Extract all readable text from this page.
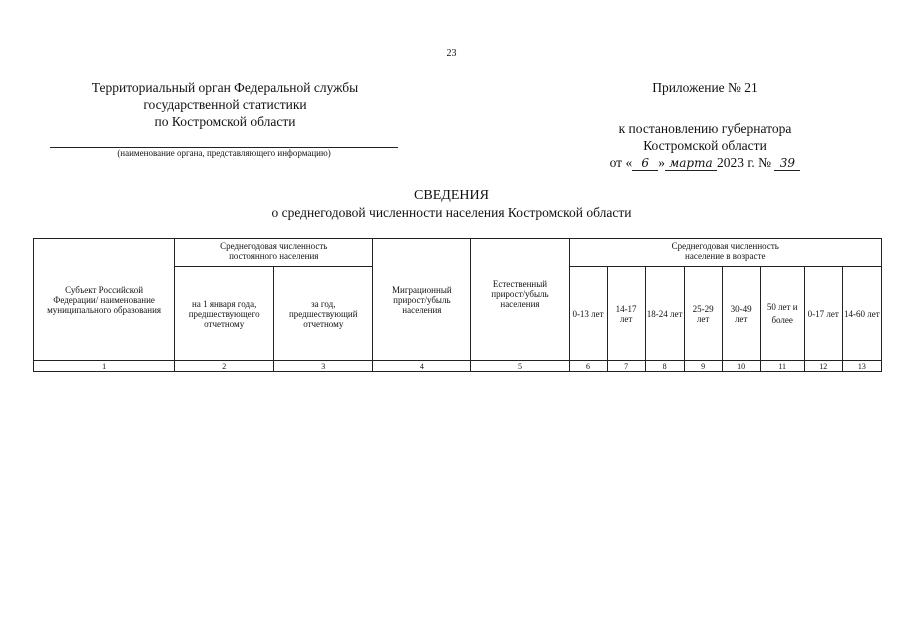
23
Территориальный орган Федеральной службы
государственной статистики
по Костромской области
(наименование органа, представляющего информацию)
Приложение № 21
к постановлению губернатора
Костромской области
от « 6 » марта 2023 г. № 39
СВЕДЕНИЯ
о среднегодовой численности населения Костромской области
Субъект Российской Федерации/ наименование муниципального образования	Среднегодовая численность постоянного населения		Миграционный прирост/убыль населения	Естественный прирост/убыль населения	Среднегодовая численность население в возрасте							
	на 1 января года, предшествующего отчетному	за год, предшествующий отчетному			0-13 лет	14-17 лет	18-24 лет	25-29 лет	30-49 лет	50 лет и более	0-17 лет	14-60 лет
1	2	3	4	5	6	7	8	9	10	11	12	13
